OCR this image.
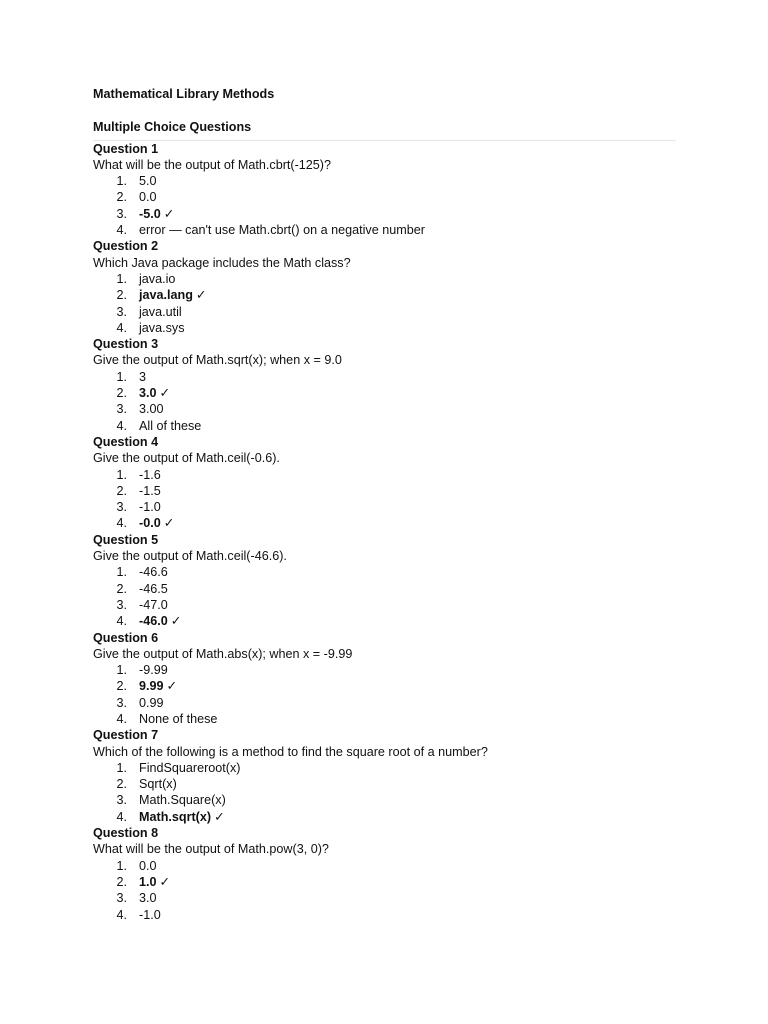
Mathematical Library Methods
Multiple Choice Questions
Question 1
What will be the output of Math.cbrt(-125)?
1. 5.0
2. 0.0
3. -5.0 ✓
4. error — can't use Math.cbrt() on a negative number
Question 2
Which Java package includes the Math class?
1. java.io
2. java.lang ✓
3. java.util
4. java.sys
Question 3
Give the output of Math.sqrt(x); when x = 9.0
1. 3
2. 3.0 ✓
3. 3.00
4. All of these
Question 4
Give the output of Math.ceil(-0.6).
1. -1.6
2. -1.5
3. -1.0
4. -0.0 ✓
Question 5
Give the output of Math.ceil(-46.6).
1. -46.6
2. -46.5
3. -47.0
4. -46.0 ✓
Question 6
Give the output of Math.abs(x); when x = -9.99
1. -9.99
2. 9.99 ✓
3. 0.99
4. None of these
Question 7
Which of the following is a method to find the square root of a number?
1. FindSquareroot(x)
2. Sqrt(x)
3. Math.Square(x)
4. Math.sqrt(x) ✓
Question 8
What will be the output of Math.pow(3, 0)?
1. 0.0
2. 1.0 ✓
3. 3.0
4. -1.0
